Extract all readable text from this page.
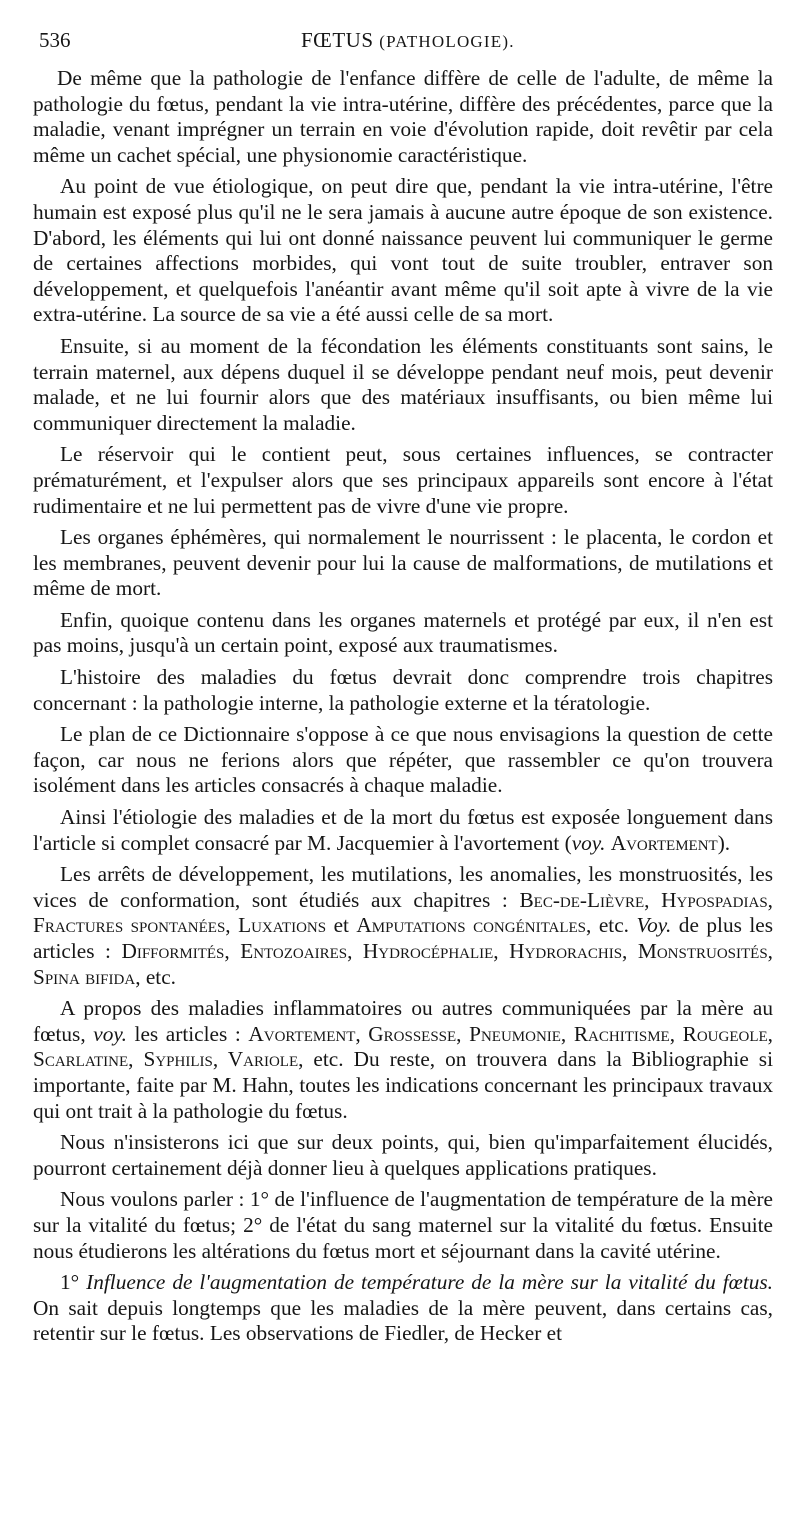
536	FŒTUS (PATHOLOGIE).

De même que la pathologie de l'enfance diffère de celle de l'adulte, de même la pathologie du fœtus, pendant la vie intra-utérine, diffère des précédentes, parce que la maladie, venant imprégner un terrain en voie d'évolution rapide, doit revêtir par cela même un cachet spécial, une physionomie caractéristique.

Au point de vue étiologique, on peut dire que, pendant la vie intra-utérine, l'être humain est exposé plus qu'il ne le sera jamais à aucune autre époque de son existence. D'abord, les éléments qui lui ont donné naissance peuvent lui communiquer le germe de certaines affections morbides, qui vont tout de suite troubler, entraver son développement, et quelquefois l'anéantir avant même qu'il soit apte à vivre de la vie extra-utérine. La source de sa vie a été aussi celle de sa mort.

Ensuite, si au moment de la fécondation les éléments constituants sont sains, le terrain maternel, aux dépens duquel il se développe pendant neuf mois, peut devenir malade, et ne lui fournir alors que des matériaux insuffisants, ou bien même lui communiquer directement la maladie.

Le réservoir qui le contient peut, sous certaines influences, se contracter prématurément, et l'expulser alors que ses principaux appareils sont encore à l'état rudimentaire et ne lui permettent pas de vivre d'une vie propre.

Les organes éphémères, qui normalement le nourrissent : le placenta, le cordon et les membranes, peuvent devenir pour lui la cause de malformations, de mutilations et même de mort.

Enfin, quoique contenu dans les organes maternels et protégé par eux, il n'en est pas moins, jusqu'à un certain point, exposé aux traumatismes.

L'histoire des maladies du fœtus devrait donc comprendre trois chapitres concernant : la pathologie interne, la pathologie externe et la tératologie.

Le plan de ce Dictionnaire s'oppose à ce que nous envisagions la question de cette façon, car nous ne ferions alors que répéter, que rassembler ce qu'on trouvera isolément dans les articles consacrés à chaque maladie.

Ainsi l'étiologie des maladies et de la mort du fœtus est exposée longuement dans l'article si complet consacré par M. Jacquemier à l'avortement (voy. Avortement).

Les arrêts de développement, les mutilations, les anomalies, les monstruosités, les vices de conformation, sont étudiés aux chapitres : Bec-de-Lièvre, Hypospadias, Fractures spontanées, Luxations et Amputations congénitales, etc. Voy. de plus les articles : Difformités, Entozoaires, Hydrocéphalie, Hydrorachis, Monstruosités, Spina bifida, etc.

A propos des maladies inflammatoires ou autres communiquées par la mère au fœtus, voy. les articles : Avortement, Grossesse, Pneumonie, Rachitisme, Rougeole, Scarlatine, Syphilis, Variole, etc. Du reste, on trouvera dans la Bibliographie si importante, faite par M. Hahn, toutes les indications concernant les principaux travaux qui ont trait à la pathologie du fœtus.

Nous n'insisterons ici que sur deux points, qui, bien qu'imparfaitement élucidés, pourront certainement déjà donner lieu à quelques applications pratiques.

Nous voulons parler : 1° de l'influence de l'augmentation de température de la mère sur la vitalité du fœtus; 2° de l'état du sang maternel sur la vitalité du fœtus. Ensuite nous étudierons les altérations du fœtus mort et séjournant dans la cavité utérine.

1° Influence de l'augmentation de température de la mère sur la vitalité du fœtus. On sait depuis longtemps que les maladies de la mère peuvent, dans certains cas, retentir sur le fœtus. Les observations de Fiedler, de Hecker et
